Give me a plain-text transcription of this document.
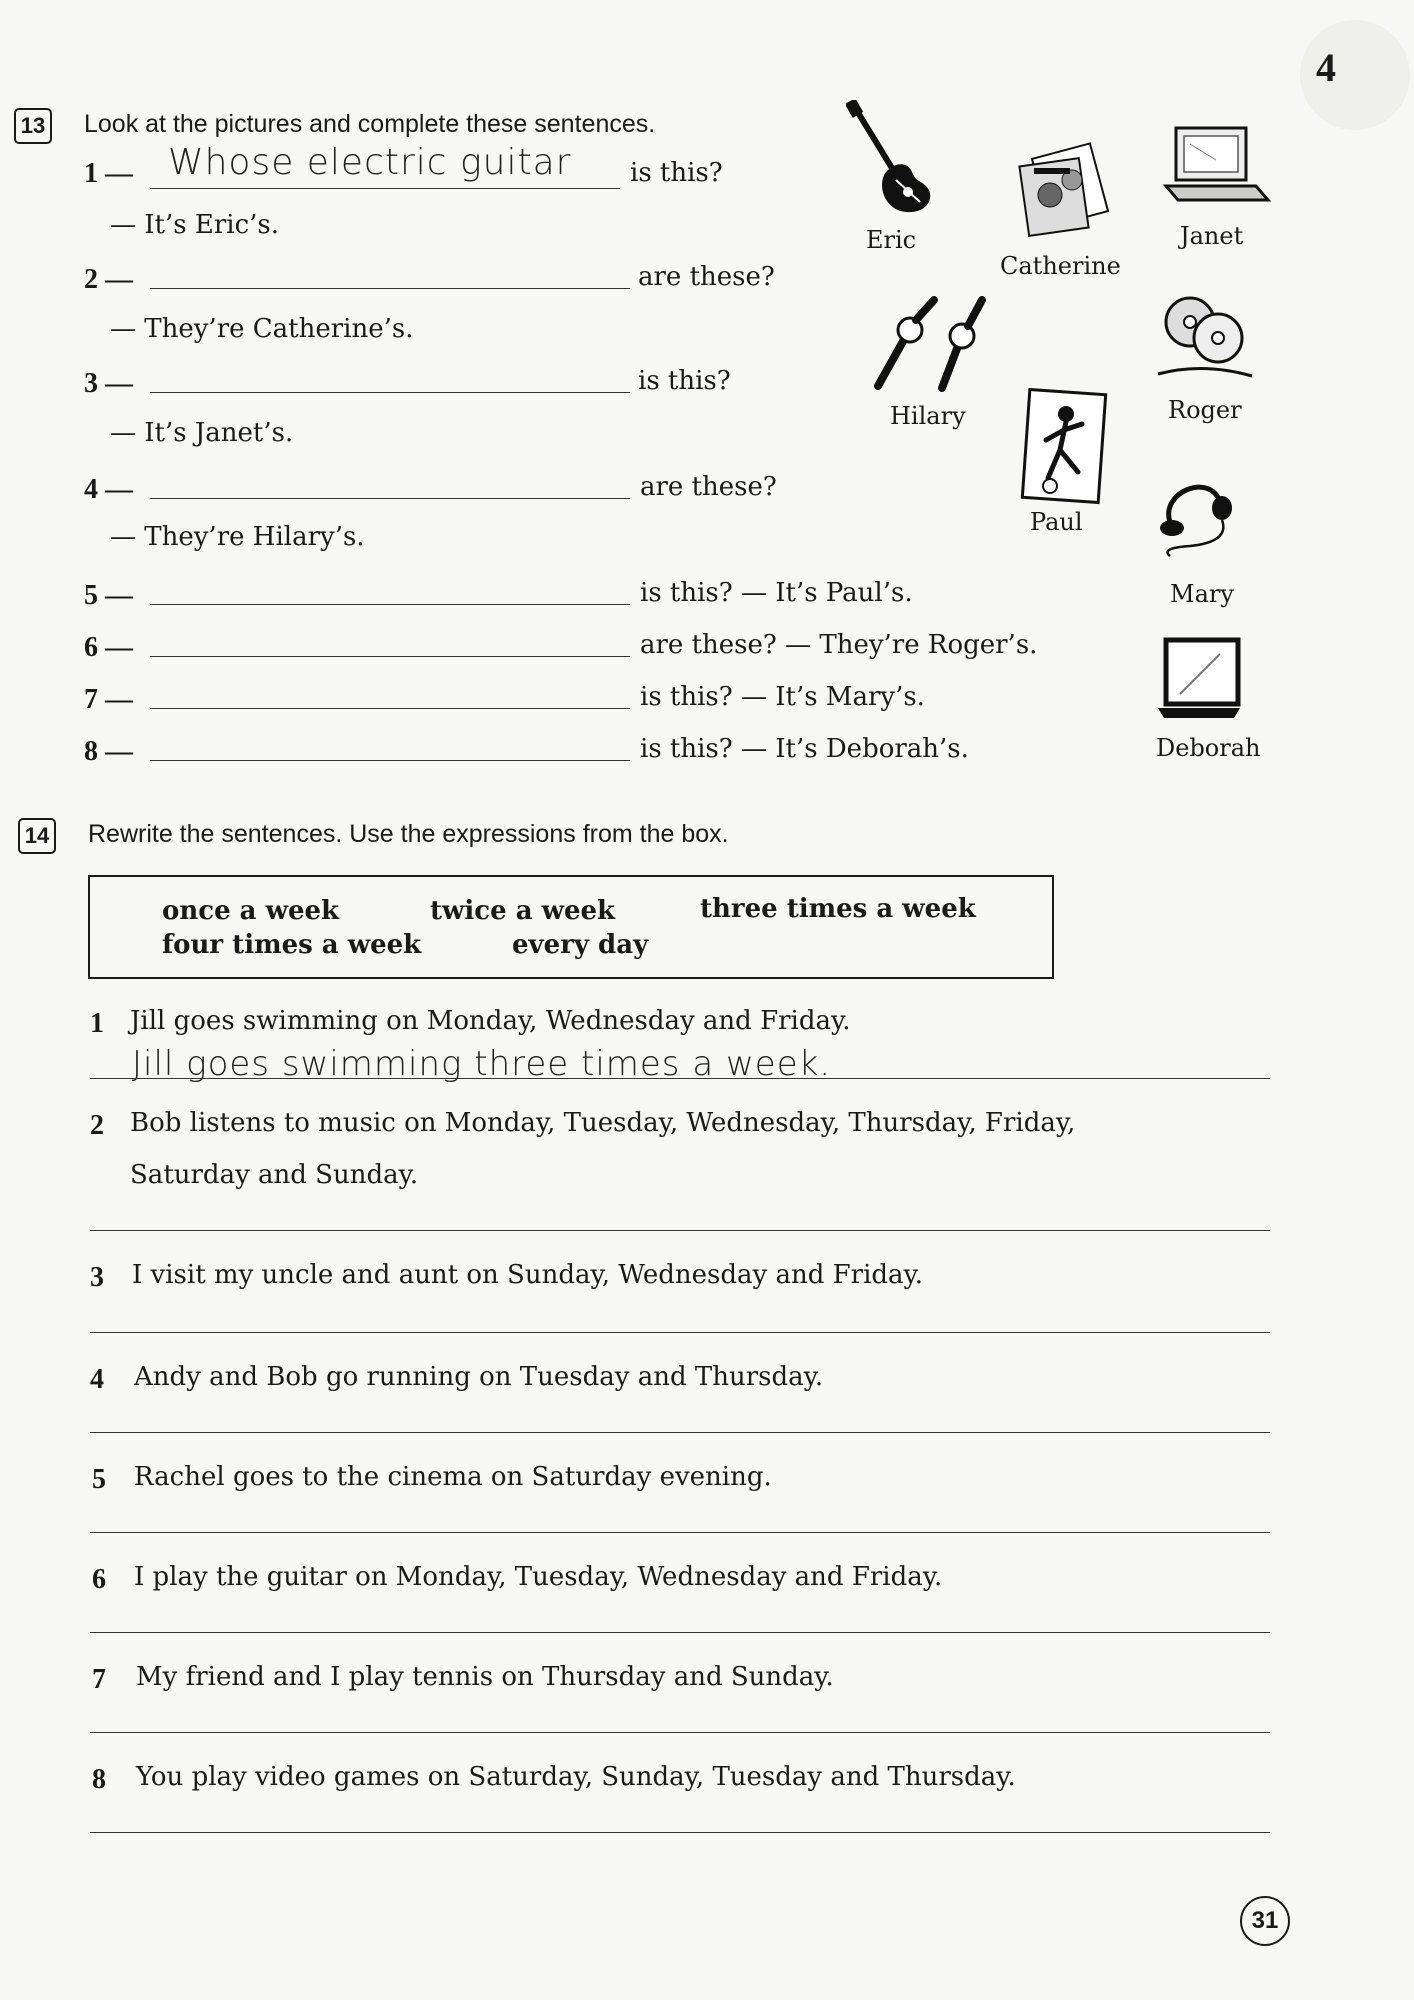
4
13 Look at the pictures and complete these sentences.
1 — Whose electric guitar is this?
— It’s Eric’s.
2 —	are these?
— They’re Catherine’s.
3 —	is this?
— It’s Janet’s.
4 —	are these?
— They’re Hilary’s.
5 —	is this? — It’s Paul’s.
6 —	are these? — They’re Roger’s.
7 —	is this? — It’s Mary’s.
8 —	is this? — It’s Deborah’s.
Eric
Catherine
Janet
Hilary	Roger
Paul
Mary
Deborah
14 Rewrite the sentences. Use the expressions from the box.
once a week	twice a week	three times a week
four times a week	every day
1 Jill goes swimming on Monday, Wednesday and Friday.
Jill goes swimming three times a week.
2 Bob listens to music on Monday, Tuesday, Wednesday, Thursday, Friday,
Saturday and Sunday.
3 I visit my uncle and aunt on Sunday, Wednesday and Friday.
4 Andy and Bob go running on Tuesday and Thursday.
5 Rachel goes to the cinema on Saturday evening.
6 I play the guitar on Monday, Tuesday, Wednesday and Friday.
7 My friend and I play tennis on Thursday and Sunday.
8 You play video games on Saturday, Sunday, Tuesday and Thursday.
31
